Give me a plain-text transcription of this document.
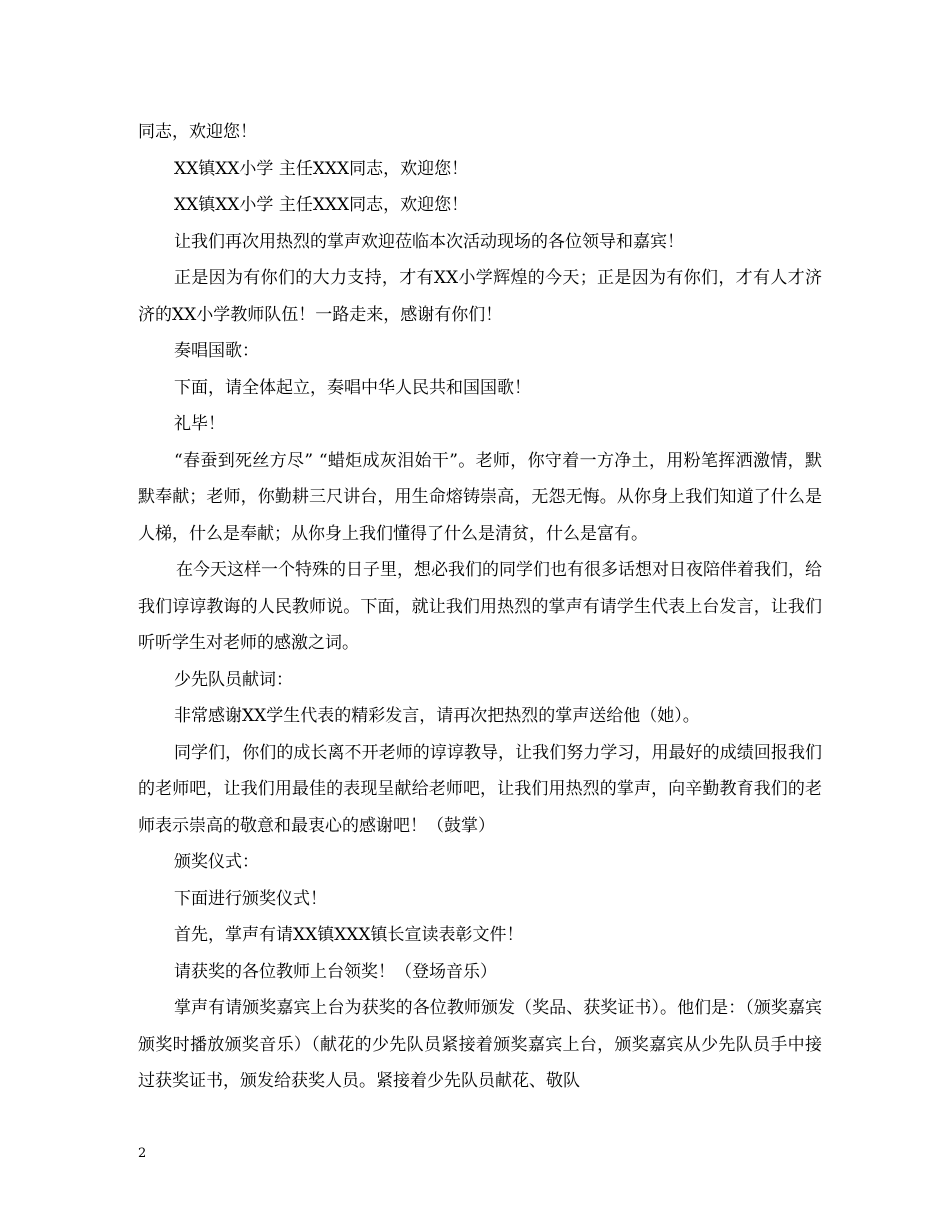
同志，欢迎您！

XX镇XX小学 主任XXX同志，欢迎您！

XX镇XX小学 主任XXX同志，欢迎您！

让我们再次用热烈的掌声欢迎莅临本次活动现场的各位领导和嘉宾！

正是因为有你们的大力支持，才有XX小学辉煌的今天；正是因为有你们，才有人才济济的XX小学教师队伍！一路走来，感谢有你们！

奏唱国歌：

下面，请全体起立，奏唱中华人民共和国国歌！

礼毕！

“春蚕到死丝方尽” “蜡炬成灰泪始干”。老师，你守着一方净土，用粉笔挥洒激情，默默奉献；老师，你勤耕三尺讲台，用生命熔铸崇高，无怨无悔。从你身上我们知道了什么是人梯，什么是奉献；从你身上我们懂得了什么是清贫，什么是富有。

在今天这样一个特殊的日子里，想必我们的同学们也有很多话想对日夜陪伴着我们，给我们谆谆教诲的人民教师说。下面，就让我们用热烈的掌声有请学生代表上台发言，让我们听听学生对老师的感激之词。

少先队员献词：

非常感谢XX学生代表的精彩发言，请再次把热烈的掌声送给他（她）。

同学们，你们的成长离不开老师的谆谆教导，让我们努力学习，用最好的成绩回报我们的老师吧，让我们用最佳的表现呈献给老师吧，让我们用热烈的掌声，向辛勤教育我们的老师表示崇高的敬意和最衷心的感谢吧！（鼓掌）

颁奖仪式：

下面进行颁奖仪式！

首先，掌声有请XX镇XXX镇长宣读表彰文件！

请获奖的各位教师上台领奖！（登场音乐）

掌声有请颁奖嘉宾上台为获奖的各位教师颁发（奖品、获奖证书）。他们是：（颁奖嘉宾 颁奖时播放颁奖音乐）（献花的少先队员紧接着颁奖嘉宾上台，颁奖嘉宾从少先队员手中接过获奖证书，颁发给获奖人员。紧接着少先队员献花、敬队

2
